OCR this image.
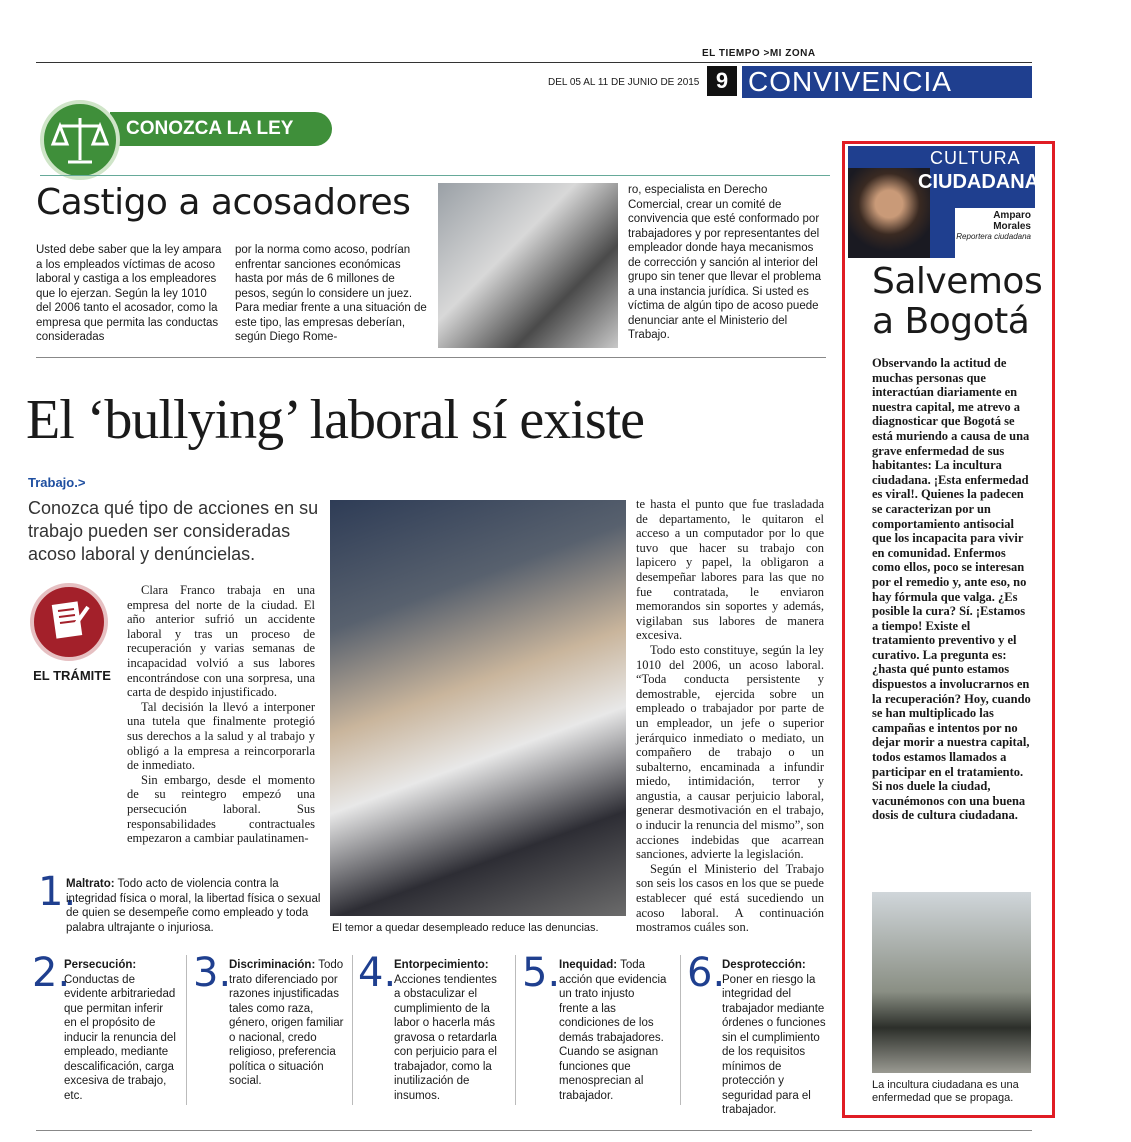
EL TIEMPO >MI ZONA
DEL 05 AL 11 DE JUNIO DE 2015 9 CONVIVENCIA
CONOZCA LA LEY
Castigo a acosadores
Usted debe saber que la ley ampara a los empleados víctimas de acoso laboral y castiga a los empleadores que lo ejerzan. Según la ley 1010 del 2006 tanto el acosador, como la empresa que permita las conductas consideradas
por la norma como acoso, podrían enfrentar sanciones económicas hasta por más de 6 millones de pesos, según lo considere un juez. Para mediar frente a una situación de este tipo, las empresas deberían, según Diego Rome-
ro, especialista en Derecho Comercial, crear un comité de convivencia que esté conformado por trabajadores y por representantes del empleador donde haya mecanismos de corrección y sanción al interior del grupo sin tener que llevar el problema a una instancia jurídica. Si usted es víctima de algún tipo de acoso puede denunciar ante el Ministerio del Trabajo.
El ‘bullying’ laboral sí existe
Trabajo.>
Conozca qué tipo de acciones en su trabajo pueden ser consideradas acoso laboral y denúncielas.
EL TRÁMITE

Clara Franco trabaja en una empresa del norte de la ciudad. El año anterior sufrió un accidente laboral y tras un proceso de recuperación y varias semanas de incapacidad volvió a sus labores encontrándose con una sorpresa, una carta de despido injustificado.

Tal decisión la llevó a interponer una tutela que finalmente protegió sus derechos a la salud y al trabajo y obligó a la empresa a reincorporarla de inmediato.

Sin embargo, desde el momento de su reintegro empezó una persecución laboral. Sus responsabilidades contractuales empezaron a cambiar paulatinamen-

El temor a quedar desempleado reduce las denuncias.

te hasta el punto que fue trasladada de departamento, le quitaron el acceso a un computador por lo que tuvo que hacer su trabajo con lapicero y papel, la obligaron a desempeñar labores para las que no fue contratada, le enviaron memorandos sin soportes y además, vigilaban sus labores de manera excesiva.

Todo esto constituye, según la ley 1010 del 2006, un acoso laboral. “Toda conducta persistente y demostrable, ejercida sobre un empleado o trabajador por parte de un empleador, un jefe o superior jerárquico inmediato o mediato, un compañero de trabajo o un subalterno, encaminada a infundir miedo, intimidación, terror y angustia, a causar perjuicio laboral, generar desmotivación en el trabajo, o inducir la renuncia del mismo”, son acciones indebidas que acarrean sanciones, advierte la legislación.

Según el Ministerio del Trabajo son seis los casos en los que se puede establecer qué está sucediendo un acoso laboral. A continuación mostramos cuáles son.

1.
Maltrato: Todo acto de violencia contra la integridad física o moral, la libertad física o sexual de quien se desempeñe como empleado y toda palabra ultrajante o injuriosa.
2.
Persecución: Conductas de evidente arbitrariedad que permitan inferir en el propósito de inducir la renuncia del empleado, mediante descalificación, carga excesiva de trabajo, etc.
3.
Discriminación: Todo trato diferenciado por razones injustificadas tales como raza, género, origen familiar o nacional, credo religioso, preferencia política o situación social.
4.
Entorpecimiento: Acciones tendientes a obstaculizar el cumplimiento de la labor o hacerla más gravosa o retardarla con perjuicio para el trabajador, como la inutilización de insumos.
5.
Inequidad: Toda acción que evidencia un trato injusto frente a las condiciones de los demás trabajadores. Cuando se asignan funciones que menosprecian al trabajador.
6.
Desprotección: Poner en riesgo la integridad del trabajador mediante órdenes o funciones sin el cumplimiento de los requisitos mínimos de protección y seguridad para el trabajador.
CULTURA
CIUDADANA
Amparo Morales
Reportera ciudadana
Salvemos a Bogotá
Observando la actitud de muchas personas que interactúan diariamente en nuestra capital, me atrevo a diagnosticar que Bogotá se está muriendo a causa de una grave enfermedad de sus habitantes: La incultura ciudadana. ¡Esta enfermedad es viral!. Quienes la padecen se caracterizan por un comportamiento antisocial que los incapacita para vivir en comunidad. Enfermos como ellos, poco se interesan por el remedio y, ante eso, no hay fórmula que valga. ¿Es posible la cura? Sí. ¡Estamos a tiempo! Existe el tratamiento preventivo y el curativo. La pregunta es: ¿hasta qué punto estamos dispuestos a involucrarnos en la recuperación? Hoy, cuando se han multiplicado las campañas e intentos por no dejar morir a nuestra capital, todos estamos llamados a participar en el tratamiento. Si nos duele la ciudad, vacunémonos con una buena dosis de cultura ciudadana.
La incultura ciudadana es una enfermedad que se propaga.
